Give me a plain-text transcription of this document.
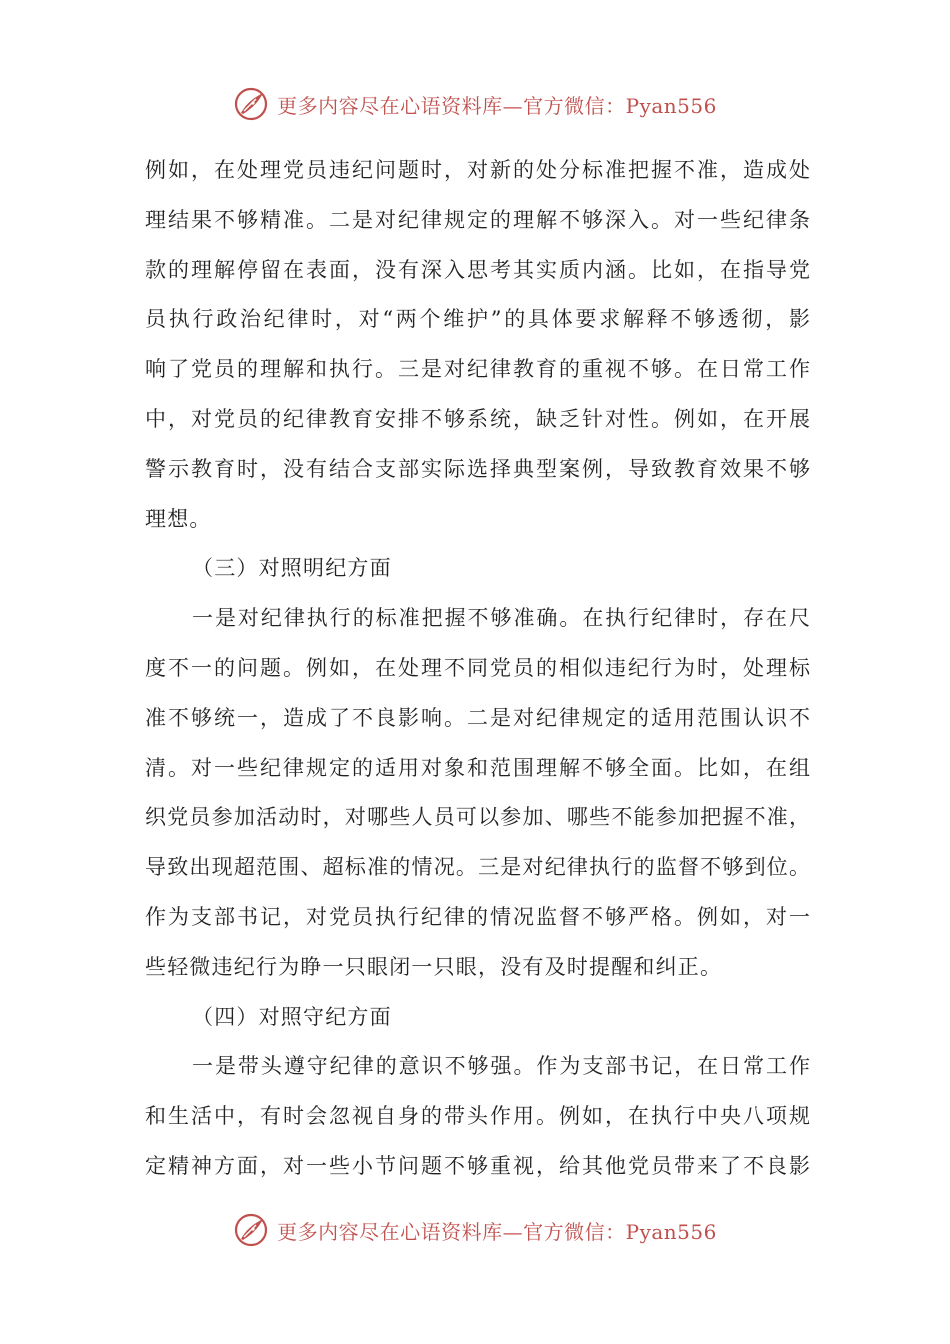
更多内容尽在心语资料库—官方微信：Pyan556
例如，在处理党员违纪问题时，对新的处分标准把握不准，造成处
理结果不够精准。二是对纪律规定的理解不够深入。对一些纪律条
款的理解停留在表面，没有深入思考其实质内涵。比如，在指导党
员执行政治纪律时，对“两个维护”的具体要求解释不够透彻，影
响了党员的理解和执行。三是对纪律教育的重视不够。在日常工作
中，对党员的纪律教育安排不够系统，缺乏针对性。例如，在开展
警示教育时，没有结合支部实际选择典型案例，导致教育效果不够
理想。
（三）对照明纪方面
一是对纪律执行的标准把握不够准确。在执行纪律时，存在尺
度不一的问题。例如，在处理不同党员的相似违纪行为时，处理标
准不够统一，造成了不良影响。二是对纪律规定的适用范围认识不
清。对一些纪律规定的适用对象和范围理解不够全面。比如，在组
织党员参加活动时，对哪些人员可以参加、哪些不能参加把握不准，
导致出现超范围、超标准的情况。三是对纪律执行的监督不够到位。
作为支部书记，对党员执行纪律的情况监督不够严格。例如，对一
些轻微违纪行为睁一只眼闭一只眼，没有及时提醒和纠正。
（四）对照守纪方面
一是带头遵守纪律的意识不够强。作为支部书记，在日常工作
和生活中，有时会忽视自身的带头作用。例如，在执行中央八项规
定精神方面，对一些小节问题不够重视，给其他党员带来了不良影
更多内容尽在心语资料库—官方微信：Pyan556
